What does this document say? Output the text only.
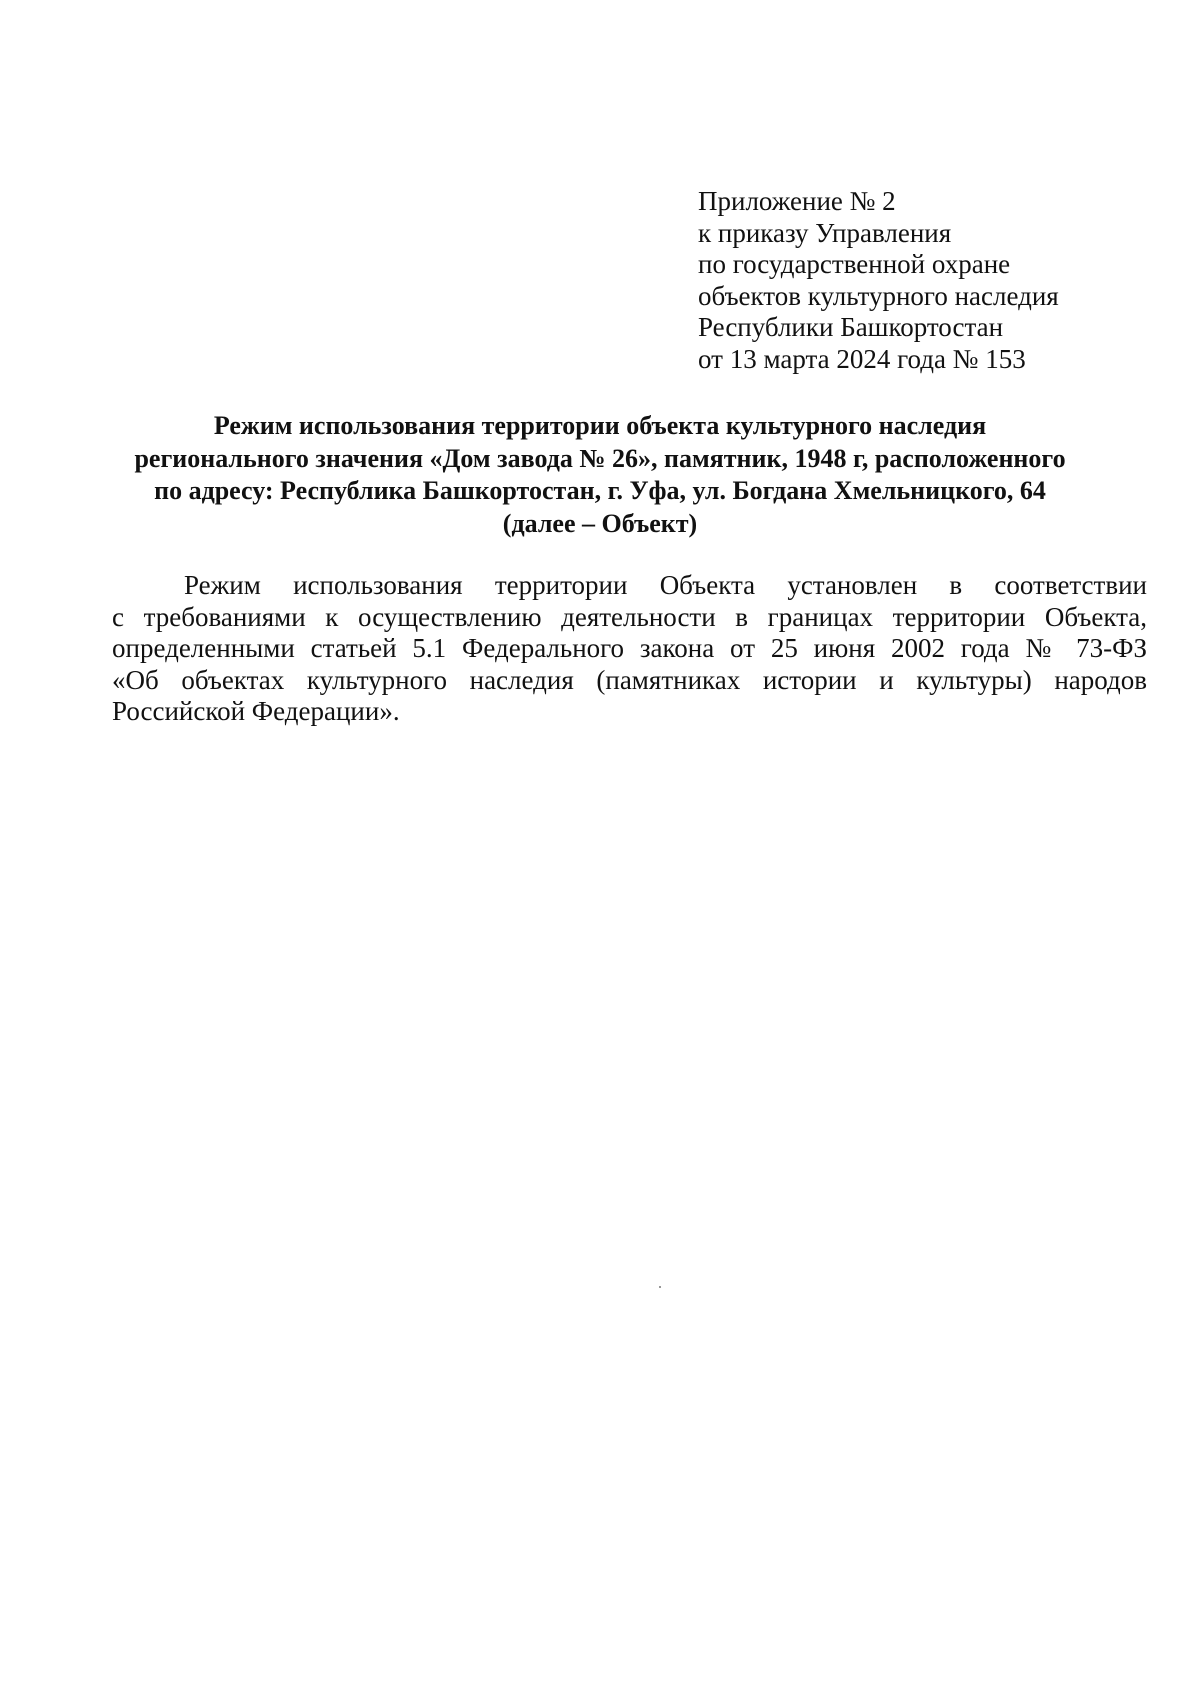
Приложение № 2
к приказу Управления
по государственной охране
объектов культурного наследия
Республики Башкортостан
от 13 марта 2024 года № 153
Режим использования территории объекта культурного наследия
регионального значения «Дом завода № 26», памятник, 1948 г, расположенного
по адресу: Республика Башкортостан, г. Уфа, ул. Богдана Хмельницкого, 64
(далее – Объект)
Режим использования территории Объекта установлен в соответствии
с требованиями к осуществлению деятельности в границах территории Объекта,
определенными статьей 5.1 Федерального закона от 25 июня 2002 года № 73-ФЗ
«Об объектах культурного наследия (памятниках истории и культуры) народов
Российской Федерации».
